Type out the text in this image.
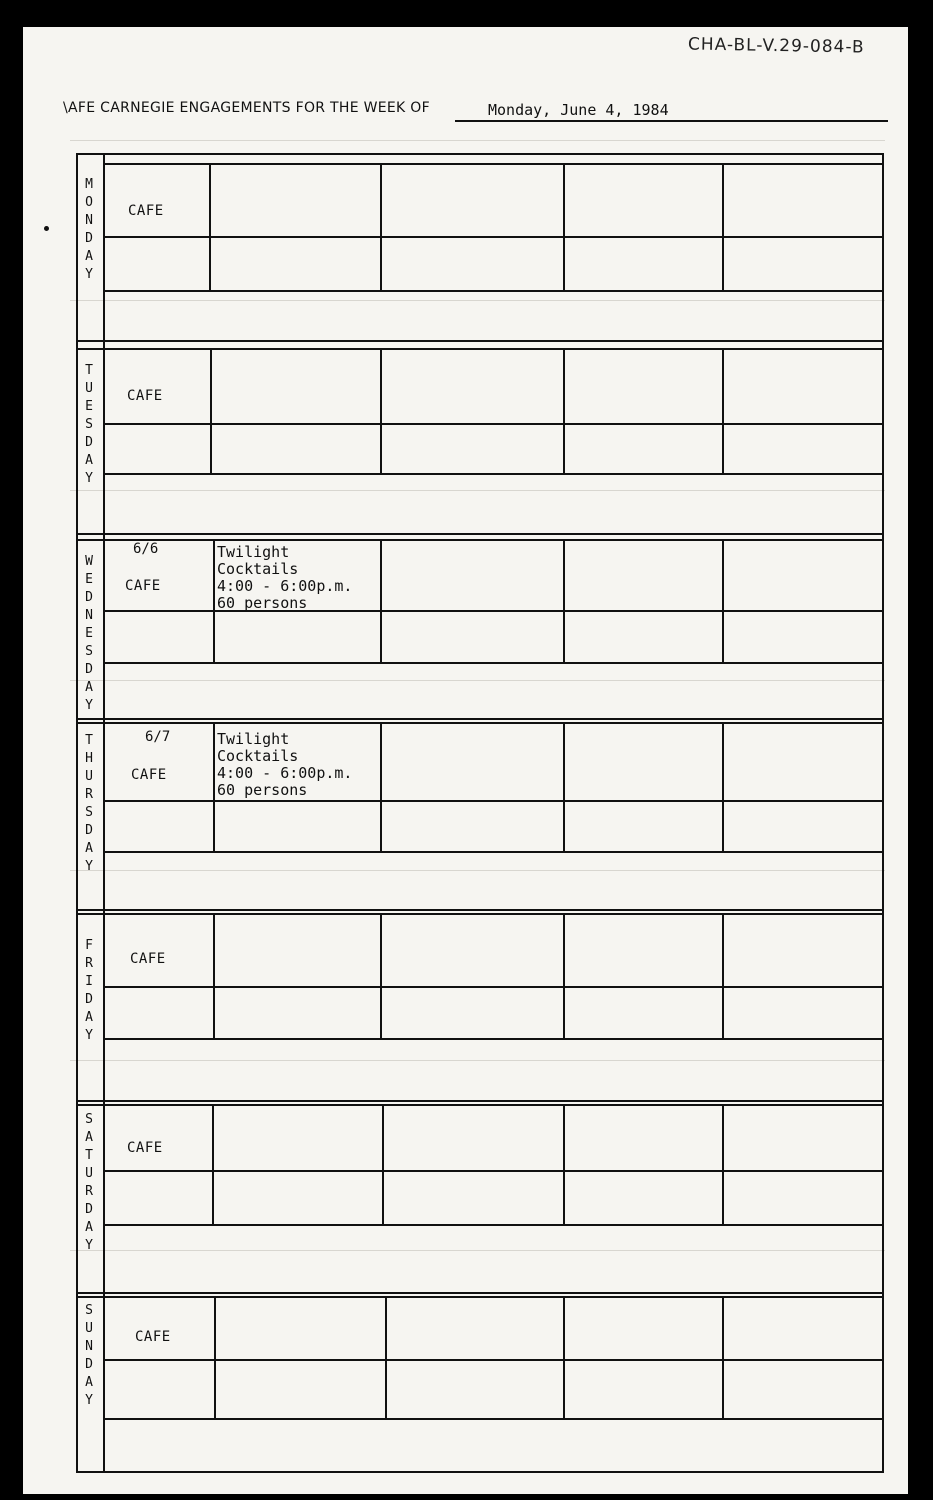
CHA-BL-V.29-084-B
\AFE CARNEGIE ENGAGEMENTS FOR THE WEEK OF	Monday, June 4, 1984
M
O
N
D
A
Y
CAFE
T
U
E
S
D
A
Y
CAFE
W
E
D
N
E
S
D
A
Y
6/6
CAFE
Twilight
Cocktails
4:00 - 6:00p.m.
60 persons
T
H
U
R
S
D
A
Y
6/7
CAFE
Twilight
Cocktails
4:00 - 6:00p.m.
60 persons
F
R
I
D
A
Y
CAFE
S
A
T
U
R
D
A
Y
CAFE
S
U
N
D
A
Y
CAFE
